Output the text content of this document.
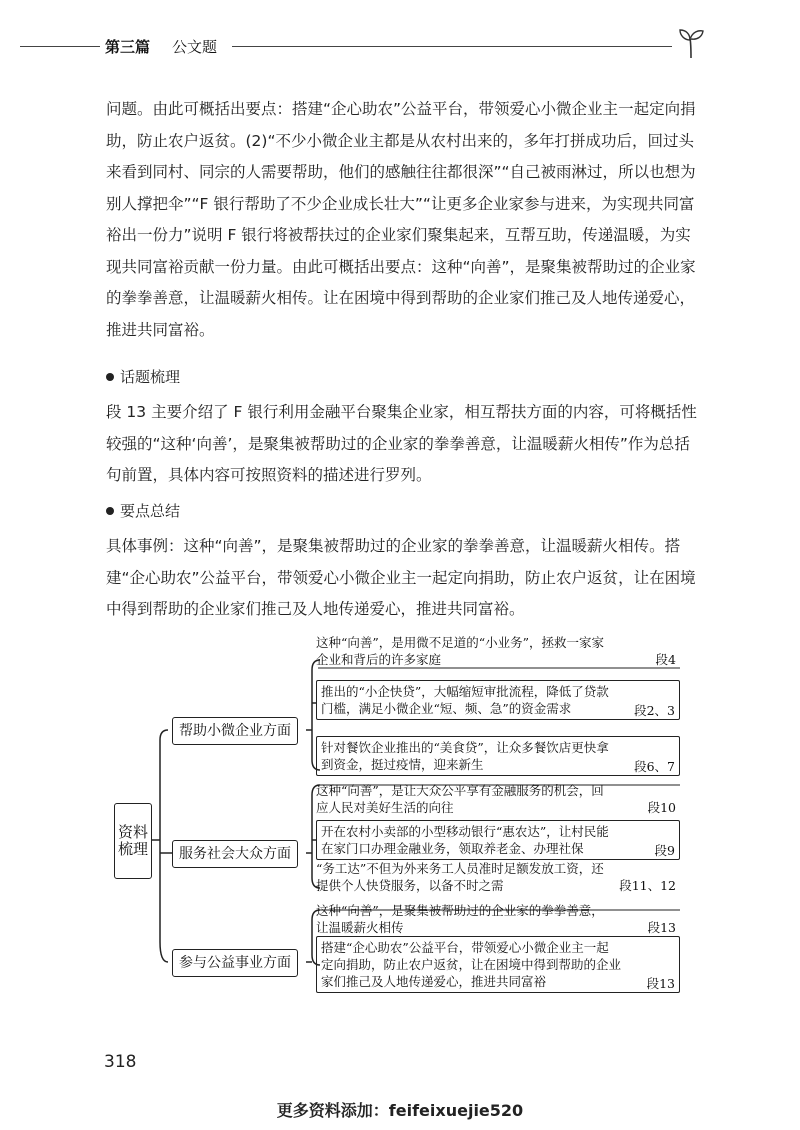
第三篇 公文题

问题。由此可概括出要点：搭建“企心助农”公益平台，带领爱心小微企业主一起定向捐助，防止农户返贫。(2)“不少小微企业主都是从农村出来的，多年打拼成功后，回过头来看到同村、同宗的人需要帮助，他们的感触往往都很深”“自己被雨淋过，所以也想为别人撑把伞”“F 银行帮助了不少企业成长壮大”“让更多企业家参与进来，为实现共同富裕出一份力”说明 F 银行将被帮扶过的企业家们聚集起来，互帮互助，传递温暖，为实现共同富裕贡献一份力量。由此可概括出要点：这种“向善”，是聚集被帮助过的企业家的拳拳善意，让温暖薪火相传。让在困境中得到帮助的企业家们推己及人地传递爱心，推进共同富裕。

话题梳理

段 13 主要介绍了 F 银行利用金融平台聚集企业家，相互帮扶方面的内容，可将概括性较强的“这种‘向善’，是聚集被帮助过的企业家的拳拳善意，让温暖薪火相传”作为总括句前置，具体内容可按照资料的描述进行罗列。

要点总结

具体事例：这种“向善”，是聚集被帮助过的企业家的拳拳善意，让温暖薪火相传。搭建“企心助农”公益平台，带领爱心小微企业主一起定向捐助，防止农户返贫，让在困境中得到帮助的企业家们推己及人地传递爱心，推进共同富裕。

资料梳理
帮助小微企业方面
服务社会大众方面
参与公益事业方面
这种“向善”，是用微不足道的“小业务”，拯救一家家企业和背后的许多家庭	段4
推出的“小企快贷”，大幅缩短审批流程，降低了贷款门槛，满足小微企业“短、频、急”的资金需求	段2、3
针对餐饮企业推出的“美食贷”，让众多餐饮店更快拿到资金，挺过疫情，迎来新生	段6、7
这种“向善”，是让大众公平享有金融服务的机会，回应人民对美好生活的向往	段10
开在农村小卖部的小型移动银行“惠农达”，让村民能在家门口办理金融业务，领取养老金、办理社保	段9
“务工达”不但为外来务工人员准时足额发放工资，还提供个人快贷服务，以备不时之需	段11、12
这种“向善”，是聚集被帮助过的企业家的拳拳善意，让温暖薪火相传	段13
搭建“企心助农”公益平台，带领爱心小微企业主一起定向捐助，防止农户返贫，让在困境中得到帮助的企业家们推己及人地传递爱心，推进共同富裕	段13
318
更多资料添加：feifeixuejie520
